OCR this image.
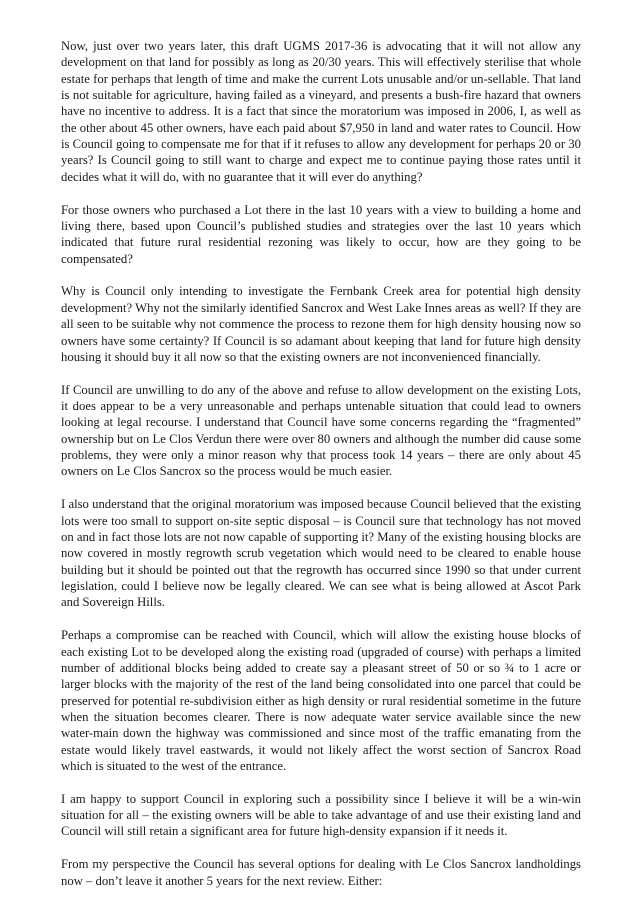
Now, just over two years later, this draft UGMS 2017-36 is advocating that it will not allow any development on that land for possibly as long as 20/30 years. This will effectively sterilise that whole estate for perhaps that length of time and make the current Lots unusable and/or un-sellable. That land is not suitable for agriculture, having failed as a vineyard, and presents a bush-fire hazard that owners have no incentive to address. It is a fact that since the moratorium was imposed in 2006, I, as well as the other about 45 other owners, have each paid about $7,950 in land and water rates to Council. How is Council going to compensate me for that if it refuses to allow any development for perhaps 20 or 30 years? Is Council going to still want to charge and expect me to continue paying those rates until it decides what it will do, with no guarantee that it will ever do anything?

For those owners who purchased a Lot there in the last 10 years with a view to building a home and living there, based upon Council’s published studies and strategies over the last 10 years which indicated that future rural residential rezoning was likely to occur, how are they going to be compensated?

Why is Council only intending to investigate the Fernbank Creek area for potential high density development? Why not the similarly identified Sancrox and West Lake Innes areas as well? If they are all seen to be suitable why not commence the process to rezone them for high density housing now so owners have some certainty? If Council is so adamant about keeping that land for future high density housing it should buy it all now so that the existing owners are not inconvenienced financially.

If Council are unwilling to do any of the above and refuse to allow development on the existing Lots, it does appear to be a very unreasonable and perhaps untenable situation that could lead to owners looking at legal recourse. I understand that Council have some concerns regarding the “fragmented” ownership but on Le Clos Verdun there were over 80 owners and although the number did cause some problems, they were only a minor reason why that process took 14 years – there are only about 45 owners on Le Clos Sancrox so the process would be much easier.

I also understand that the original moratorium was imposed because Council believed that the existing lots were too small to support on-site septic disposal – is Council sure that technology has not moved on and in fact those lots are not now capable of supporting it? Many of the existing housing blocks are now covered in mostly regrowth scrub vegetation which would need to be cleared to enable house building but it should be pointed out that the regrowth has occurred since 1990 so that under current legislation, could I believe now be legally cleared. We can see what is being allowed at Ascot Park and Sovereign Hills.

Perhaps a compromise can be reached with Council, which will allow the existing house blocks of each existing Lot to be developed along the existing road (upgraded of course) with perhaps a limited number of additional blocks being added to create say a pleasant street of 50 or so ¾ to 1 acre or larger blocks with the majority of the rest of the land being consolidated into one parcel that could be preserved for potential re-subdivision either as high density or rural residential sometime in the future when the situation becomes clearer. There is now adequate water service available since the new water-main down the highway was commissioned and since most of the traffic emanating from the estate would likely travel eastwards, it would not likely affect the worst section of Sancrox Road which is situated to the west of the entrance.

I am happy to support Council in exploring such a possibility since I believe it will be a win-win situation for all – the existing owners will be able to take advantage of and use their existing land and Council will still retain a significant area for future high-density expansion if it needs it.

From my perspective the Council has several options for dealing with Le Clos Sancrox landholdings now – don’t leave it another 5 years for the next review. Either:
